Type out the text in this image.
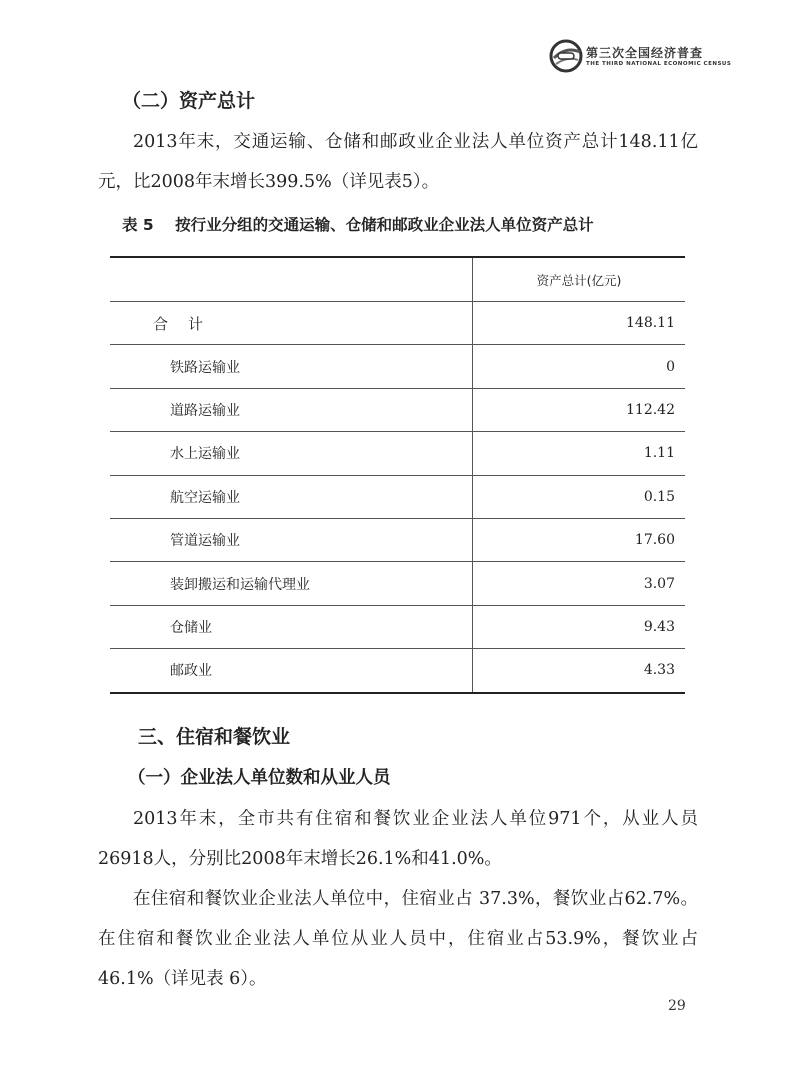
第三次全国经济普查
THE THIRD NATIONAL ECONOMIC CENSUS
（二）资产总计
2013年末，交通运输、仓储和邮政业企业法人单位资产总计148.11亿元，比2008年末增长399.5%（详见表5）。
表 5 按行业分组的交通运输、仓储和邮政业企业法人单位资产总计
	资产总计(亿元)
合计	148.11
铁路运输业	0
道路运输业	112.42
水上运输业	1.11
航空运输业	0.15
管道运输业	17.60
装卸搬运和运输代理业	3.07
仓储业	9.43
邮政业	4.33
三、住宿和餐饮业
（一）企业法人单位数和从业人员
2013年末，全市共有住宿和餐饮业企业法人单位971个，从业人员26918人，分别比2008年末增长26.1%和41.0%。
在住宿和餐饮业企业法人单位中，住宿业占 37.3%，餐饮业占62.7%。在住宿和餐饮业企业法人单位从业人员中，住宿业占53.9%，餐饮业占 46.1%（详见表 6）。
29
